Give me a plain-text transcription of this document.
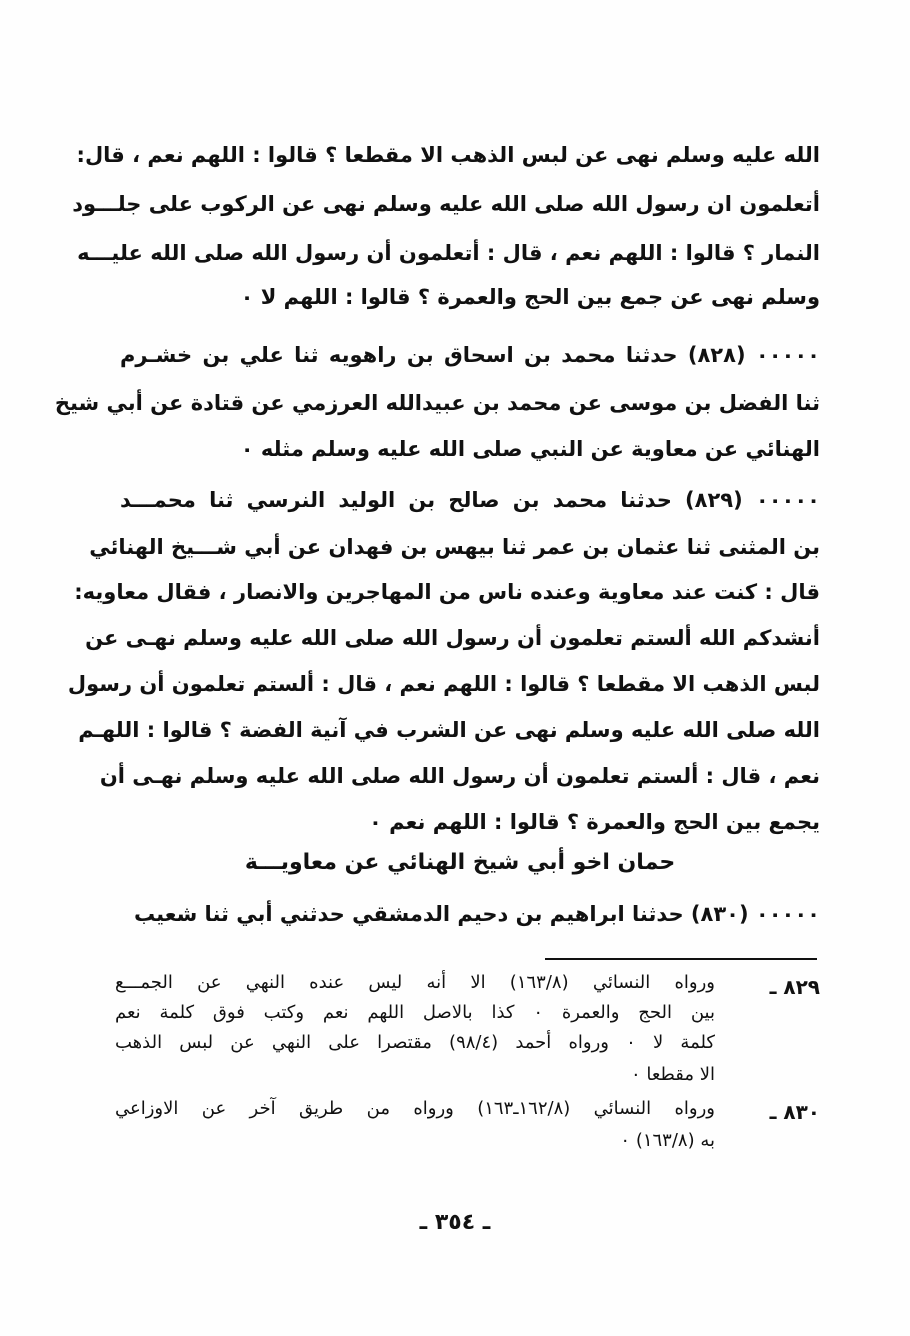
الله عليه وسلم نهى عن لبس الذهب الا مقطعا ؟ قالوا : اللهم نعم ، قال:
أتعلمون ان رسول الله صلى الله عليه وسلم نهى عن الركوب على جلـــود
النمار ؟ قالوا : اللهم نعم ، قال : أتعلمون أن رسول الله صلى الله عليـــه
وسلم نهى عن جمع بين الحج والعمرة ؟ قالوا : اللهم لا ٠
٠٠٠٠٠ (٨٢٨) حدثنا محمد بن اسحاق بن راهويه ثنا علي بن خشـرم
ثنا الفضل بن موسى عن محمد بن عبيدالله العرزمي عن قتادة عن أبي شيخ
الهنائي عن معاوية عن النبي صلى الله عليه وسلم مثله ٠
٠٠٠٠٠ (٨٢٩) حدثنا محمد بن صالح بن الوليد النرسي ثنا محمـــد
بن المثنى ثنا عثمان بن عمر ثنا بيهس بن فهدان عن أبي شـــيخ الهنائي
قال : كنت عند معاوية وعنده ناس من المهاجرين والانصار ، فقال معاويه:
أنشدكم الله ألستم تعلمون أن رسول الله صلى الله عليه وسلم نهـى عن
لبس الذهب الا مقطعا ؟ قالوا : اللهم نعم ، قال : ألستم تعلمون أن رسول
الله صلى الله عليه وسلم نهى عن الشرب في آنية الفضة ؟ قالوا : اللهـم
نعم ، قال : ألستم تعلمون أن رسول الله صلى الله عليه وسلم نهـى أن
يجمع بين الحج والعمرة ؟ قالوا : اللهم نعم ٠
حمان اخو أبي شيخ الهنائي عن معاويـــة
٠٠٠٠٠ (٨٣٠) حدثنا ابراهيم بن دحيم الدمشقي حدثني أبي ثنا شعيب
٨٢٩ ـ
ورواه النسائي (١٦٣/٨) الا أنه ليس عنده النهي عن الجمـــع
بين الحج والعمرة ٠ كذا بالاصل اللهم نعم وكتب فوق كلمة نعم
كلمة لا ٠ ورواه أحمد (٩٨/٤) مقتصرا على النهي عن لبس الذهب
الا مقطعا ٠
٨٣٠ ـ
ورواه النسائي (١٦٢/٨ـ١٦٣) ورواه من طريق آخر عن الاوزاعي
به (١٦٣/٨) ٠
ـ ٣٥٤ ـ
